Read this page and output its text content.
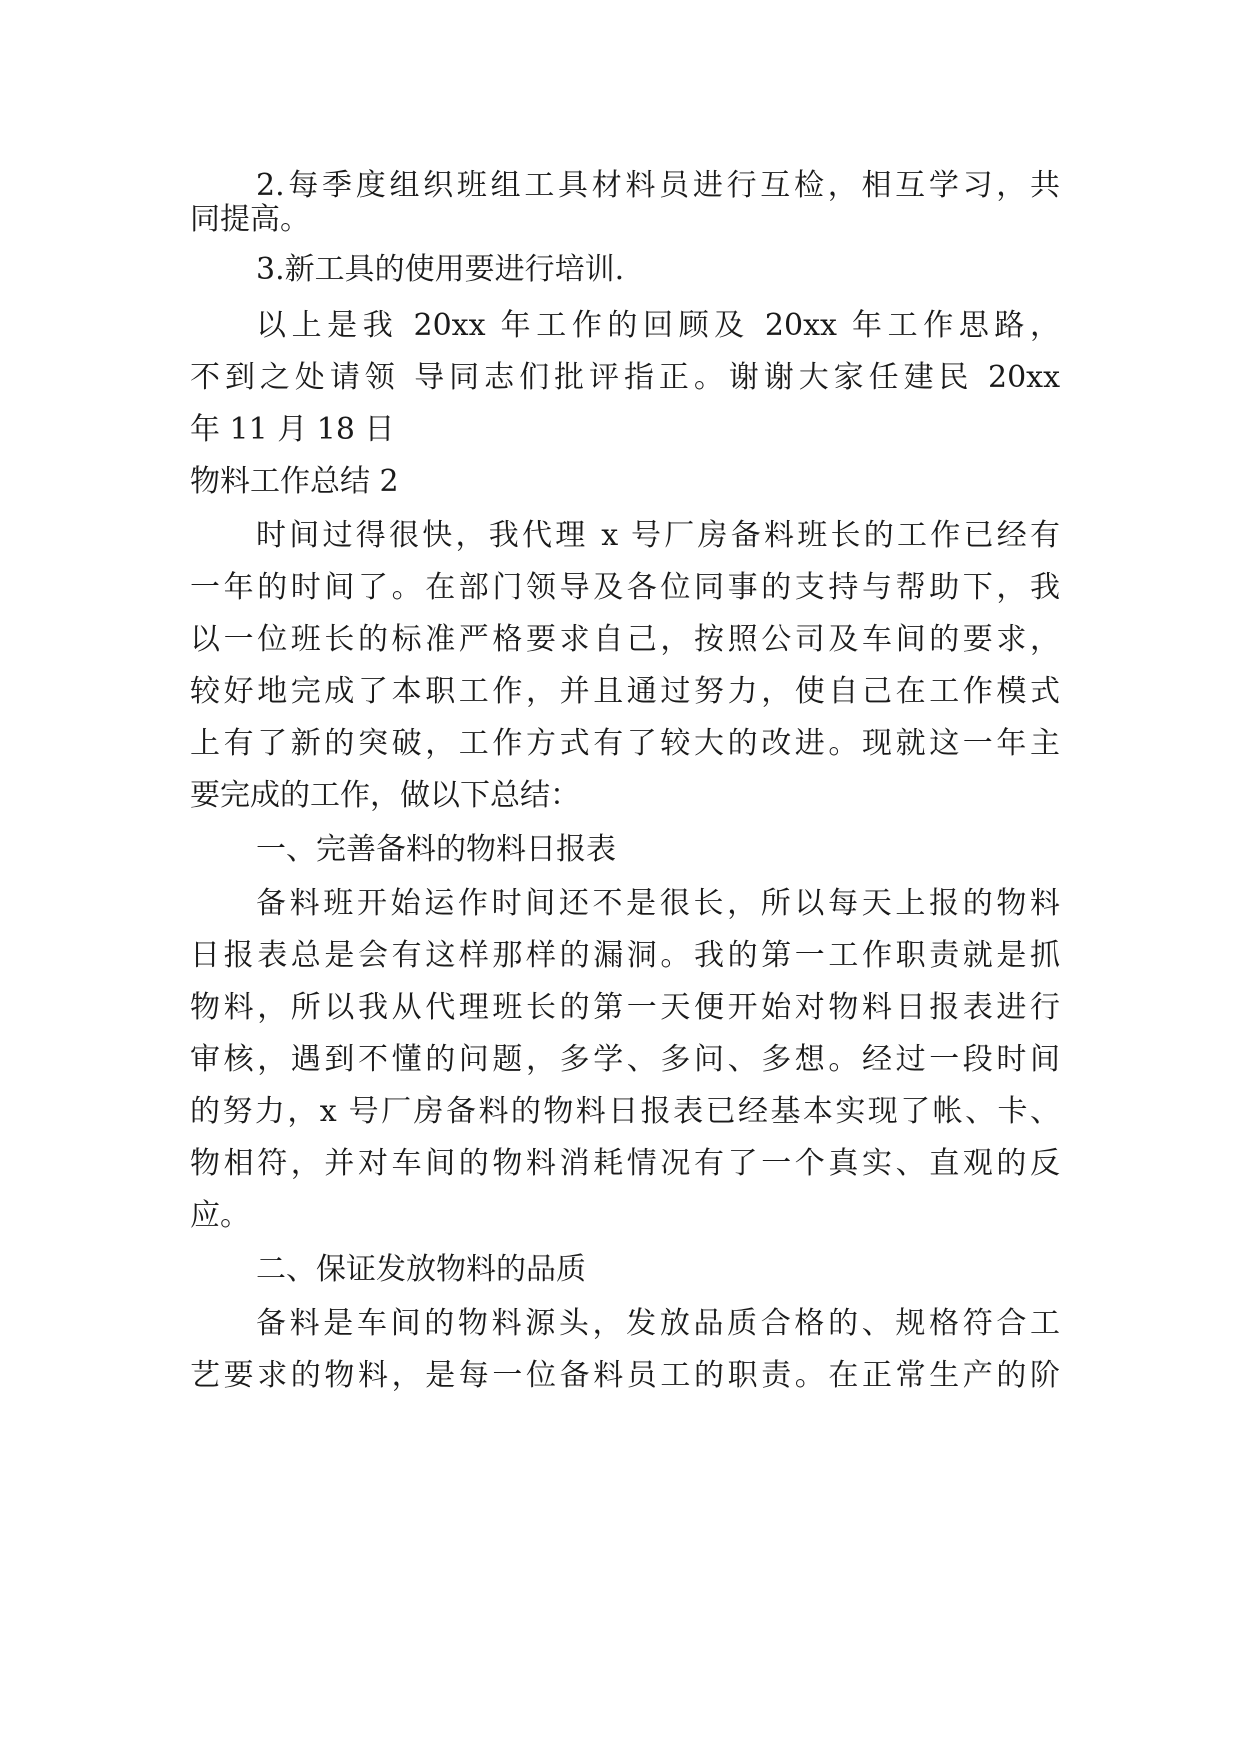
2.每季度组织班组工具材料员进行互检，相互学习，共
同提高。
3.新工具的使用要进行培训.
以上是我 20xx 年工作的回顾及 20xx 年工作思路，
不到之处请领 导同志们批评指正。谢谢大家任建民 20xx
年 11 月 18 日
物料工作总结 2
时间过得很快，我代理 x 号厂房备料班长的工作已经有
一年的时间了。在部门领导及各位同事的支持与帮助下，我
以一位班长的标准严格要求自己，按照公司及车间的要求，
较好地完成了本职工作，并且通过努力，使自己在工作模式
上有了新的突破，工作方式有了较大的改进。现就这一年主
要完成的工作，做以下总结：
一、完善备料的物料日报表
备料班开始运作时间还不是很长，所以每天上报的物料
日报表总是会有这样那样的漏洞。我的第一工作职责就是抓
物料，所以我从代理班长的第一天便开始对物料日报表进行
审核，遇到不懂的问题，多学、多问、多想。经过一段时间
的努力，x 号厂房备料的物料日报表已经基本实现了帐、卡、
物相符，并对车间的物料消耗情况有了一个真实、直观的反
应。
二、保证发放物料的品质
备料是车间的物料源头，发放品质合格的、规格符合工
艺要求的物料，是每一位备料员工的职责。在正常生产的阶
